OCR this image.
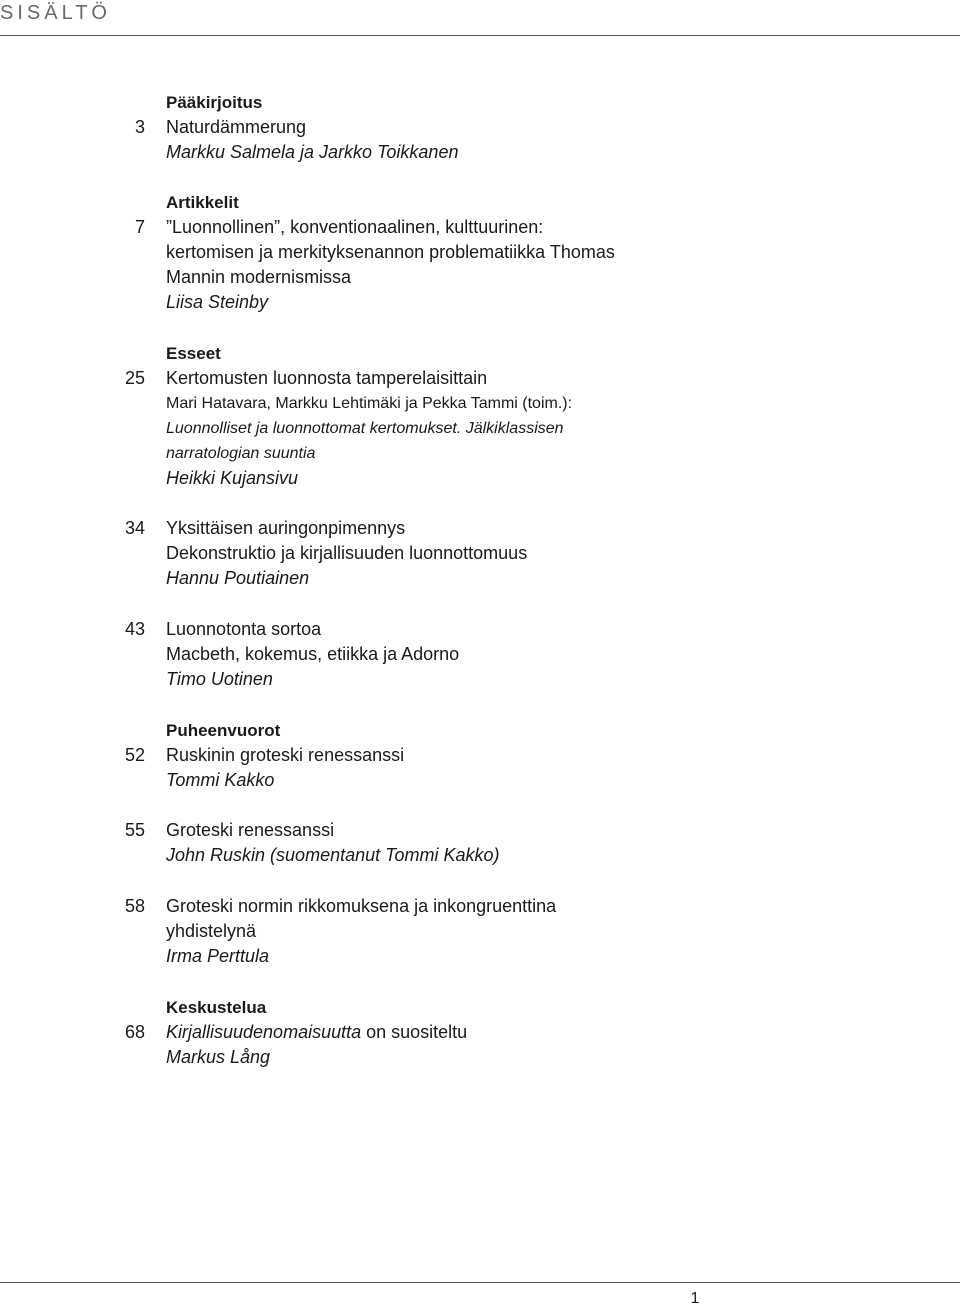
SISÄLTÖ
Pääkirjoitus
3 Naturdämmerung
Markku Salmela ja Jarkko Toikkanen
Artikkelit
7 ”Luonnollinen”, konventionaalinen, kulttuurinen:
kertomisen ja merkityksenannon problematiikka Thomas
Mannin modernismissa
Liisa Steinby
Esseet
25 Kertomusten luonnosta tamperelaisittain
Mari Hatavara, Markku Lehtimäki ja Pekka Tammi (toim.):
Luonnolliset ja luonnottomat kertomukset. Jälkiklassisen
narratologian suuntia
Heikki Kujansivu
34 Yksittäisen auringonpimennys
Dekonstruktio ja kirjallisuuden luonnottomuus
Hannu Poutiainen
43 Luonnotonta sortoa
Macbeth, kokemus, etiikka ja Adorno
Timo Uotinen
Puheenvuorot
52 Ruskinin groteski renessanssi
Tommi Kakko
55 Groteski renessanssi
John Ruskin (suomentanut Tommi Kakko)
58 Groteski normin rikkomuksena ja inkongruenttina
yhdistelynä
Irma Perttula
Keskustelua
68 Kirjallisuudenomaisuutta on suositeltu
Markus Lång
1
